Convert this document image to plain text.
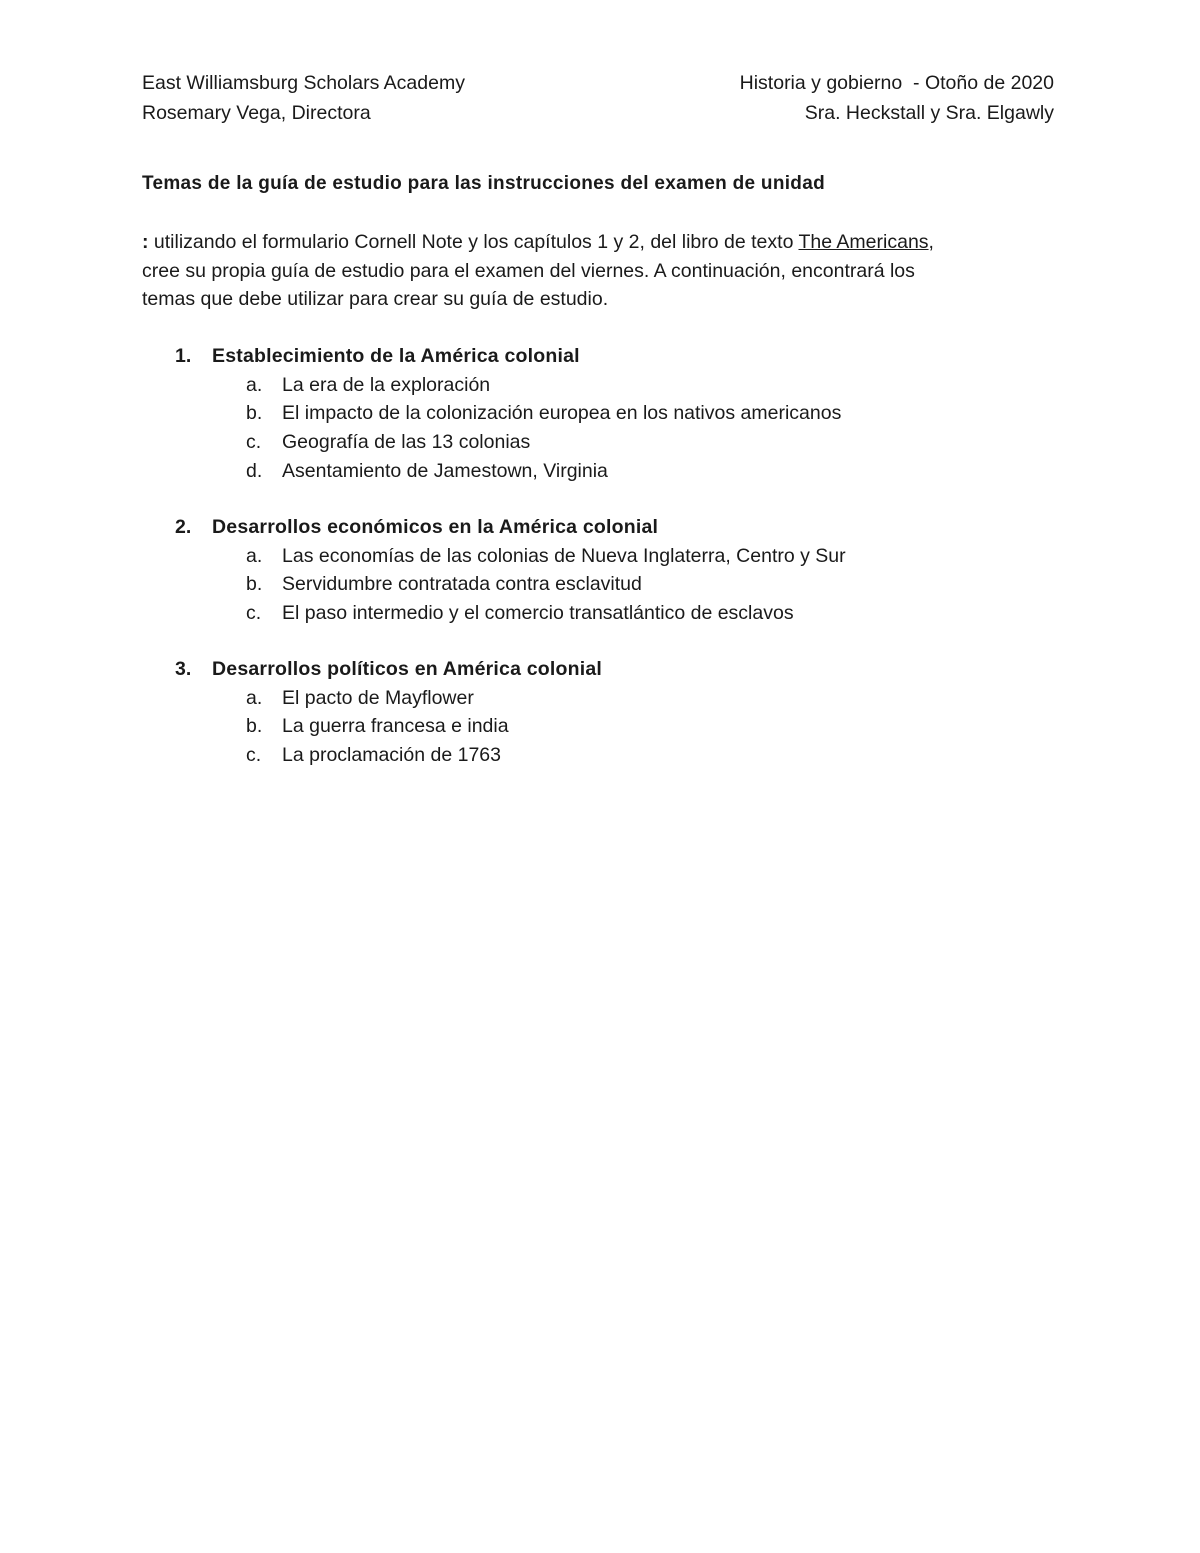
East Williamsburg Scholars Academy
Rosemary Vega, Directora
Historia y gobierno  - Otoño de 2020
Sra. Heckstall y Sra. Elgawly
Temas de la guía de estudio para las instrucciones del examen de unidad
: utilizando el formulario Cornell Note y los capítulos 1 y 2, del libro de texto The Americans,
cree su propia guía de estudio para el examen del viernes. A continuación, encontrará los
temas que debe utilizar para crear su guía de estudio.
1. Establecimiento de la América colonial
a.	La era de la exploración
b.	El impacto de la colonización europea en los nativos americanos
c.	Geografía de las 13 colonias
d.	Asentamiento de Jamestown, Virginia
2. Desarrollos económicos en la América colonial
a.	Las economías de las colonias de Nueva Inglaterra, Centro y Sur
b.	Servidumbre contratada contra esclavitud
c.	El paso intermedio y el comercio transatlántico de esclavos
3. Desarrollos políticos en América colonial
a.	El pacto de Mayflower
b.	La guerra francesa e india
c.	La proclamación de 1763
